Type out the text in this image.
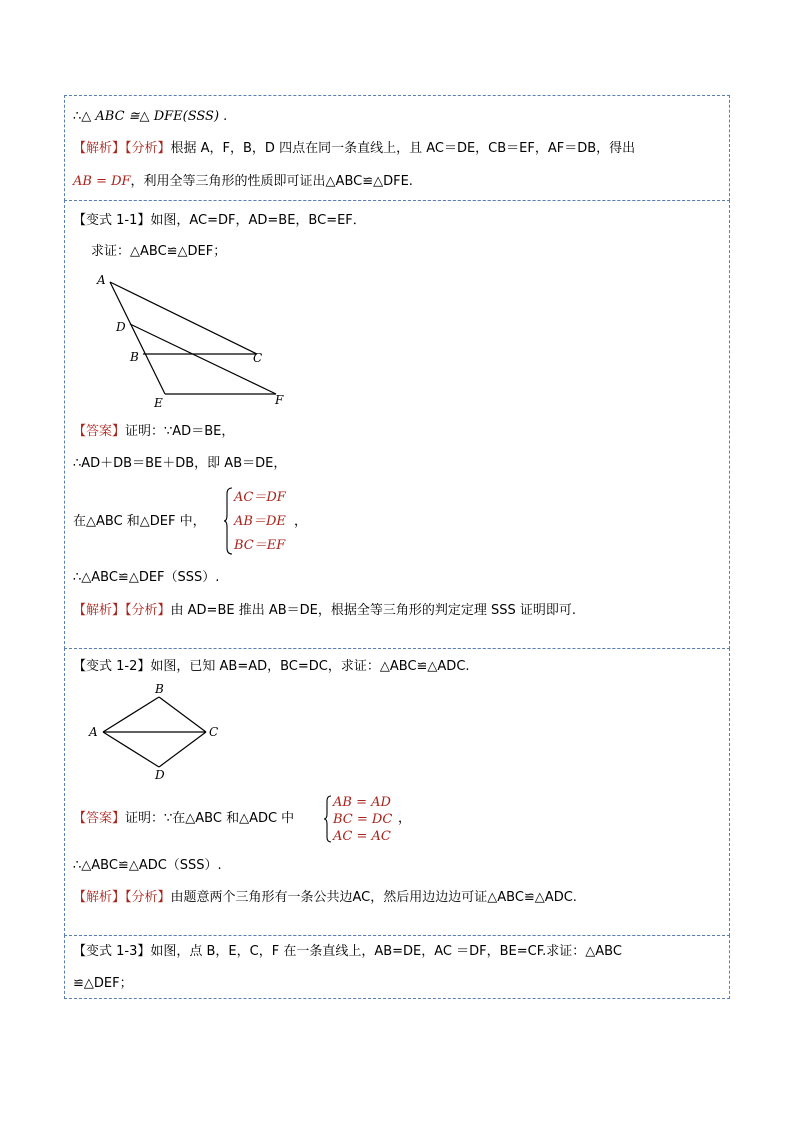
∴△ ABC ≅△ DFE(SSS) .
【解析】【分析】根据 A，F，B，D 四点在同一条直线上，且 AC＝DE，CB＝EF，AF＝DB，得出
AB = DF，利用全等三角形的性质即可证出△ABC≌△DFE.
【变式 1-1】如图，AC=DF，AD=BE，BC=EF．
求证：△ABC≌△DEF；
A
D
B	C
E	F
【答案】证明：∵AD＝BE，
∴AD＋DB＝BE＋DB，即 AB＝DE，
在△ABC 和△DEF 中，
AC＝DF
AB＝DE
BC＝EF
，
∴△ABC≌△DEF（SSS）.
【解析】【分析】由 AD=BE 推出 AB＝DE，根据全等三角形的判定定理 SSS 证明即可.
【变式 1-2】如图，已知 AB=AD，BC=DC，求证：△ABC≌△ADC.
B
A	C
D
【答案】证明：∵在△ABC 和△ADC 中
AB = AD
BC = DC
AC = AC
，
∴△ABC≌△ADC（SSS）.
【解析】【分析】由题意两个三角形有一条公共边AC，然后用边边边可证△ABC≌△ADC.
【变式 1-3】如图，点 B，E，C，F 在一条直线上，AB=DE，AC ＝DF，BE=CF.求证：△ABC
≌△DEF；
